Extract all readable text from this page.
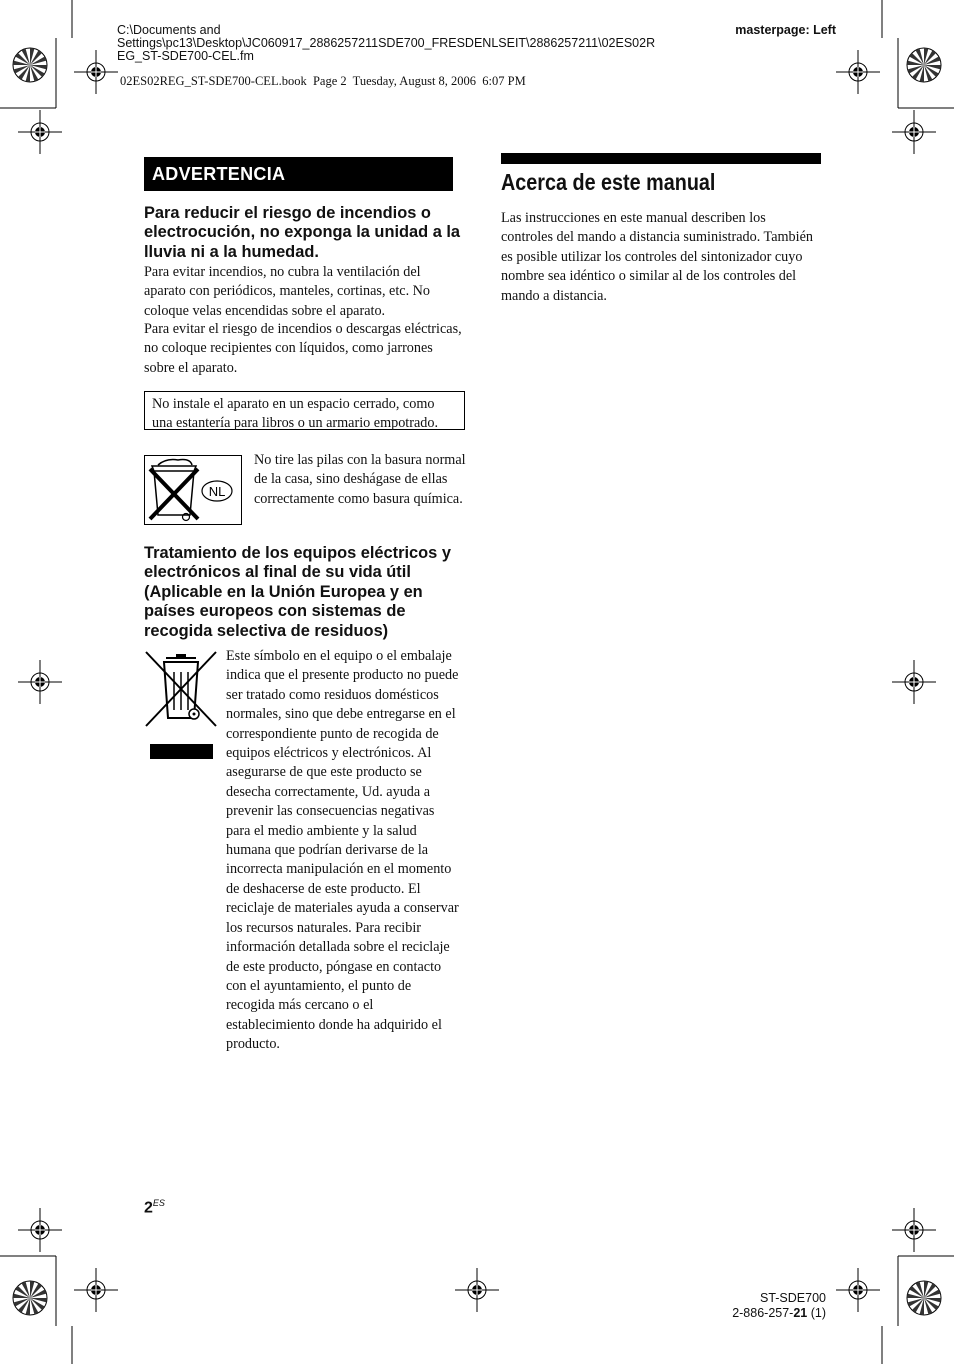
C:\Documents and
Settings\pc13\Desktop\JC060917_2886257211SDE700_FRESDENLSEIT\2886257211\02ES02R
EG_ST-SDE700-CEL.fm
masterpage: Left
02ES02REG_ST-SDE700-CEL.book  Page 2  Tuesday, August 8, 2006  6:07 PM
ADVERTENCIA

Para reducir el riesgo de incendios o electrocución, no exponga la unidad a la lluvia ni a la humedad.

Para evitar incendios, no cubra la ventilación del aparato con periódicos, manteles, cortinas, etc. No coloque velas encendidas sobre el aparato.

Para evitar el riesgo de incendios o descargas eléctricas, no coloque recipientes con líquidos, como jarrones sobre el aparato.

No instale el aparato en un espacio cerrado, como una estantería para libros o un armario empotrado.
NL

No tire las pilas con la basura normal de la casa, sino deshágase de ellas correctamente como basura química.

Tratamiento de los equipos eléctricos y electrónicos al final de su vida útil (Aplicable en la Unión Europea y en países europeos con sistemas de recogida selectiva de residuos)

Este símbolo en el equipo o el embalaje indica que el presente producto no puede ser tratado como residuos domésticos normales, sino que debe entregarse en el correspondiente punto de recogida de equipos eléctricos y electrónicos. Al asegurarse de que este producto se desecha correctamente, Ud. ayuda a prevenir las consecuencias negativas para el medio ambiente y la salud humana que podrían derivarse de la incorrecta manipulación en el momento de deshacerse de este producto. El reciclaje de materiales ayuda a conservar los recursos naturales. Para recibir información detallada sobre el reciclaje de este producto, póngase en contacto con el ayuntamiento, el punto de recogida más cercano o el establecimiento donde ha adquirido el producto.

Acerca de este manual

Las instrucciones en este manual describen los controles del mando a distancia suministrado. También es posible utilizar los controles del sintonizador cuyo nombre sea idéntico o similar al de los controles del mando a distancia.

$2^{ES}$
ST-SDE700
2-886-257-21 (1)
